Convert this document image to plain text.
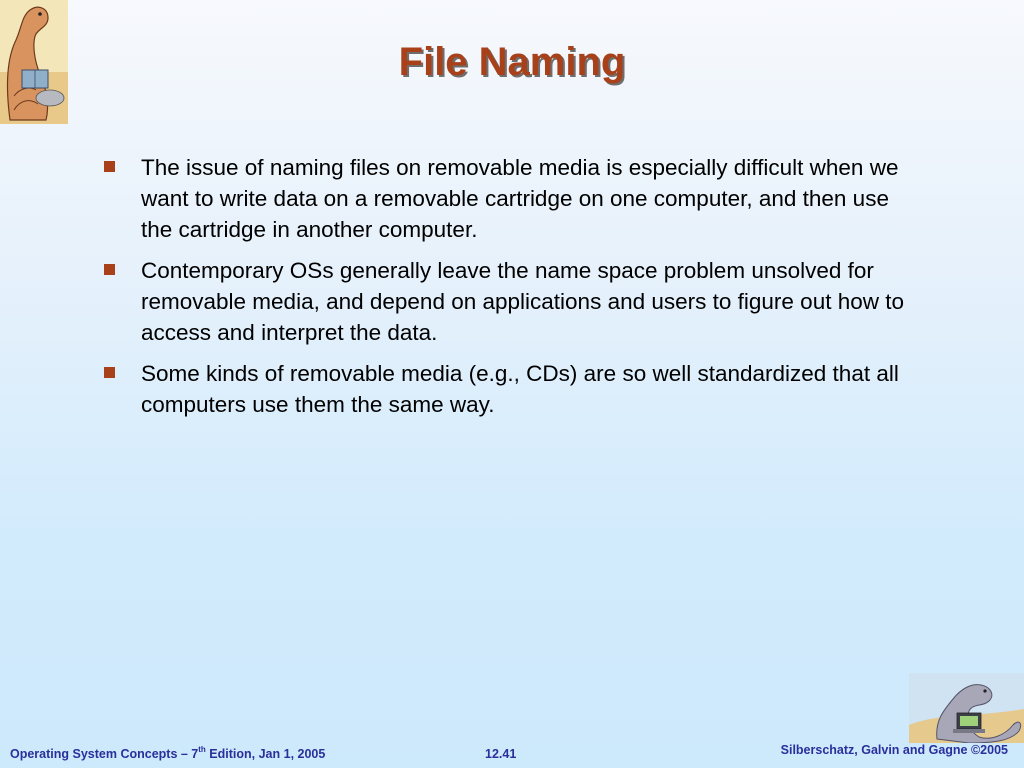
File Naming
The issue of naming files on removable media is especially difficult when we want to write data on a removable cartridge on one computer, and then use the cartridge in another computer.
Contemporary OSs generally leave the name space problem unsolved for removable media, and depend on applications and users to figure out how to access and interpret the data.
Some kinds of removable media (e.g., CDs) are so well standardized that all computers use them the same way.
Operating System Concepts – 7th Edition, Jan 1, 2005	12.41	Silberschatz, Galvin and Gagne ©2005
